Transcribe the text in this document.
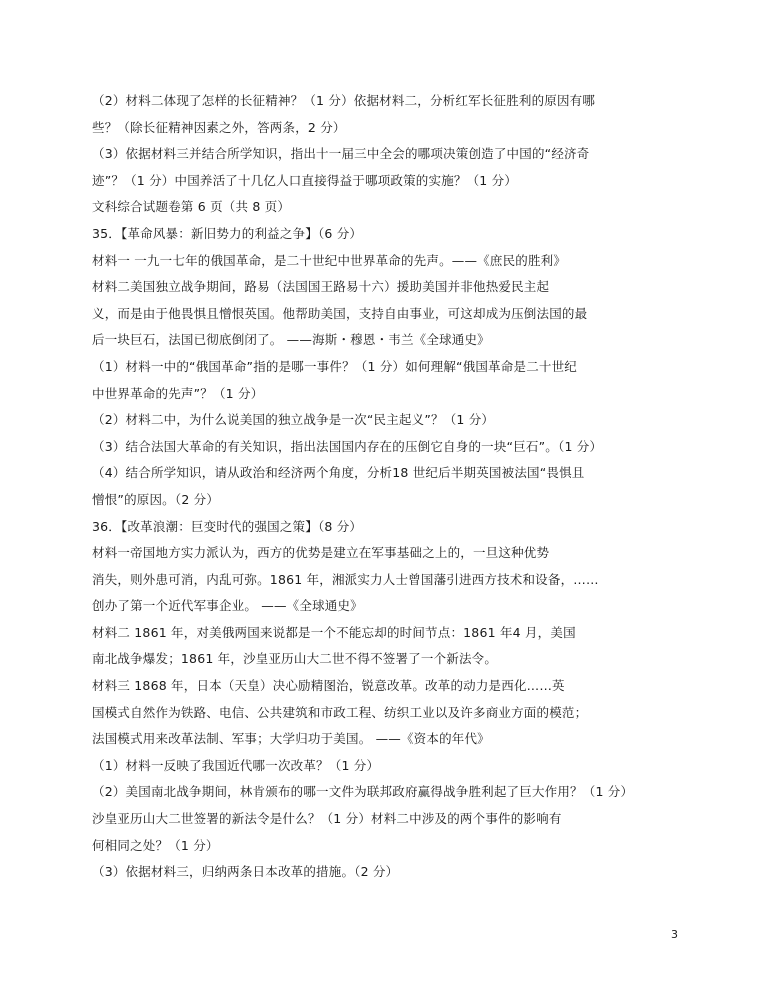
（2）材料二体现了怎样的长征精神？（1 分）依据材料二，分析红军长征胜利的原因有哪
些？（除长征精神因素之外，答两条，2 分）
（3）依据材料三并结合所学知识，指出十一届三中全会的哪项决策创造了中国的“经济奇
迹”？（1 分）中国养活了十几亿人口直接得益于哪项政策的实施？（1 分）
文科综合试题卷第 6 页（共 8 页）
35．【革命风暴：新旧势力的利益之争】（6 分）
材料一 一九一七年的俄国革命，是二十世纪中世界革命的先声。——《庶民的胜利》
材料二美国独立战争期间，路易（法国国王路易十六）援助美国并非他热爱民主起
义，而是由于他畏惧且憎恨英国。他帮助美国，支持自由事业，可这却成为压倒法国的最
后一块巨石，法国已彻底倒闭了。 ——海斯・穆恩・韦兰《全球通史》
（1）材料一中的“俄国革命”指的是哪一事件？（1 分）如何理解“俄国革命是二十世纪
中世界革命的先声”？（1 分）
（2）材料二中，为什么说美国的独立战争是一次“民主起义”？（1 分）
（3）结合法国大革命的有关知识，指出法国国内存在的压倒它自身的一块“巨石”。（1 分）
（4）结合所学知识，请从政治和经济两个角度，分析18 世纪后半期英国被法国“畏惧且
憎恨”的原因。（2 分）
36．【改革浪潮：巨变时代的强国之策】（8 分）
材料一帝国地方实力派认为，西方的优势是建立在军事基础之上的，一旦这种优势
消失，则外患可消，内乱可弥。1861 年，湘派实力人士曾国藩引进西方技术和设备，……
创办了第一个近代军事企业。 ——《全球通史》
材料二 1861 年，对美俄两国来说都是一个不能忘却的时间节点：1861 年4 月，美国
南北战争爆发；1861 年，沙皇亚历山大二世不得不签署了一个新法令。
材料三 1868 年，日本（天皇）决心励精图治，锐意改革。改革的动力是西化……英
国模式自然作为铁路、电信、公共建筑和市政工程、纺织工业以及许多商业方面的模范；
法国模式用来改革法制、军事；大学归功于美国。 ——《资本的年代》
（1）材料一反映了我国近代哪一次改革？（1 分）
（2）美国南北战争期间，林肯颁布的哪一文件为联邦政府赢得战争胜利起了巨大作用？（1 分）
沙皇亚历山大二世签署的新法令是什么？（1 分）材料二中涉及的两个事件的影响有
何相同之处？（1 分）
（3）依据材料三，归纳两条日本改革的措施。（2 分）
3
